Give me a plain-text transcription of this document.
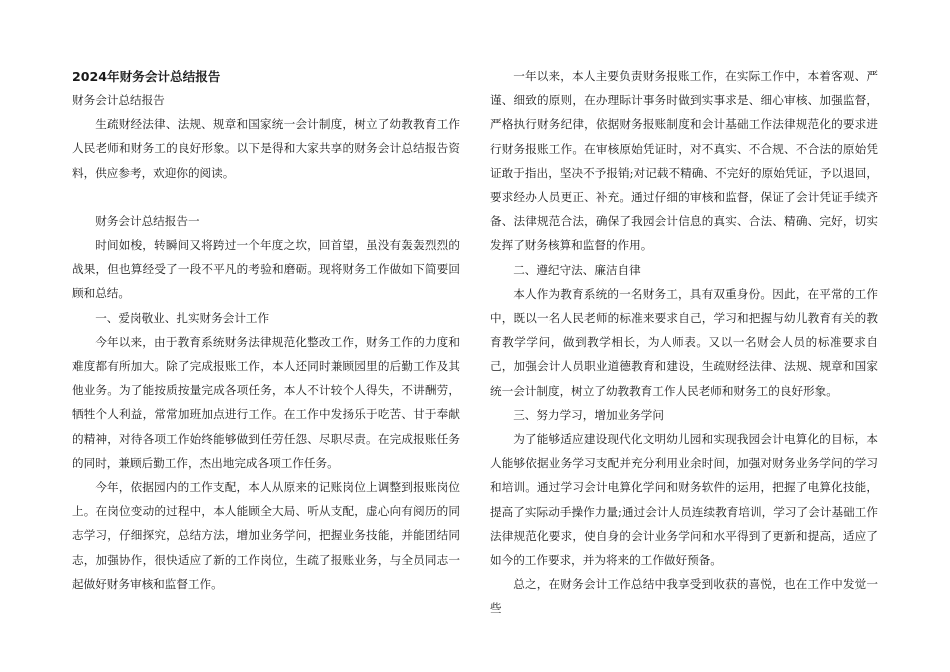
2024年财务会计总结报告

财务会计总结报告

生疏财经法律、法规、规章和国家统一会计制度，树立了幼教教育工作人民老师和财务工的良好形象。以下是得和大家共享的财务会计总结报告资料，供应参考，欢迎你的阅读。

财务会计总结报告一

时间如梭，转瞬间又将跨过一个年度之坎，回首望，虽没有轰轰烈烈的战果，但也算经受了一段不平凡的考验和磨砺。现将财务工作做如下简要回顾和总结。

一、爱岗敬业、扎实财务会计工作

今年以来，由于教育系统财务法律规范化整改工作，财务工作的力度和难度都有所加大。除了完成报账工作，本人还同时兼顾园里的后勤工作及其他业务。为了能按质按量完成各项任务，本人不计较个人得失，不讲酬劳，牺牲个人利益，常常加班加点进行工作。在工作中发扬乐于吃苦、甘于奉献的精神，对待各项工作始终能够做到任劳任怨、尽职尽责。在完成报账任务的同时，兼顾后勤工作，杰出地完成各项工作任务。

今年，依据园内的工作支配，本人从原来的记账岗位上调整到报账岗位上。在岗位变动的过程中，本人能顾全大局、听从支配，虚心向有阅历的同志学习，仔细探究，总结方法，增加业务学问，把握业务技能，并能团结同志，加强协作，很快适应了新的工作岗位，生疏了报账业务，与全员同志一起做好财务审核和监督工作。

一年以来，本人主要负责财务报账工作，在实际工作中，本着客观、严谨、细致的原则，在办理眎计事务时做到实事求是、细心审核、加强监督，严格执行财务纪律，依据财务报账制度和会计基础工作法律规范化的要求进行财务报账工作。在审核原始凭证时，对不真实、不合规、不合法的原始凭证敢于指出，坚决不予报销;对记载不精确、不完好的原始凭证，予以退回，要求经办人员更正、补充。通过仔细的审核和监督，保证了会计凭证手续齐备、法律规范合法，确保了我园会计信息的真实、合法、精确、完好，切实发挥了财务核算和监督的作用。

二、遵纪守法、廉洁自律

本人作为教育系统的一名财务工，具有双重身份。因此，在平常的工作中，既以一名人民老师的标准来要求自己，学习和把握与幼儿教育有关的教育教学学问，做到教学相长，为人师表。又以一名财会人员的标准要求自己，加强会计人员职业道德教育和建设，生疏财经法律、法规、规章和国家统一会计制度，树立了幼教教育工作人民老师和财务工的良好形象。

三、努力学习，增加业务学问

为了能够适应建设现代化文明幼儿园和实现我园会计电算化的目标，本人能够依据业务学习支配并充分利用业余时间，加强对财务业务学问的学习和培训。通过学习会计电算化学问和财务软件的运用，把握了电算化技能，提高了实际动手操作力量;通过会计人员连续教育培训，学习了会计基础工作法律规范化要求，使自身的会计业务学问和水平得到了更新和提高，适应了如今的工作要求，并为将来的工作做好预备。

总之，在财务会计工作总结中我享受到收获的喜悦，也在工作中发觉一些
